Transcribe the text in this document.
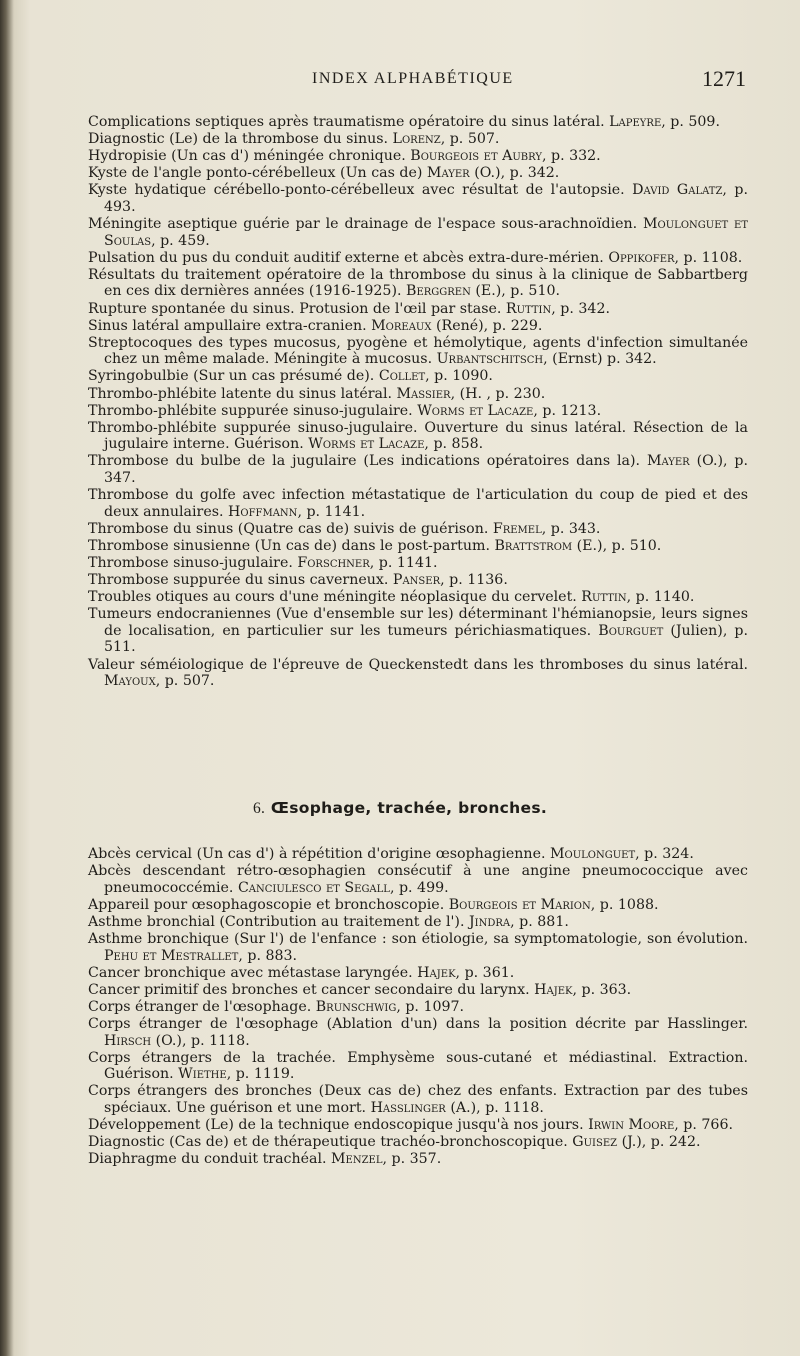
INDEX ALPHABÉTIQUE	1271

Complications septiques après traumatisme opératoire du sinus latéral. Lapeyre, p. 509.

Diagnostic (Le) de la thrombose du sinus. Lorenz, p. 507.

Hydropisie (Un cas d') méningée chronique. Bourgeois et Aubry, p. 332.

Kyste de l'angle ponto-cérébelleux (Un cas de) Mayer (O.), p. 342.

Kyste hydatique cérébello-ponto-cérébelleux avec résultat de l'autopsie. David Galatz, p. 493.

Méningite aseptique guérie par le drainage de l'espace sous-arachnoïdien. Moulonguet et Soulas, p. 459.

Pulsation du pus du conduit auditif externe et abcès extra-dure-mérien. Oppikofer, p. 1108.

Résultats du traitement opératoire de la thrombose du sinus à la clinique de Sabbartberg en ces dix dernières années (1916-1925). Berggren (E.), p. 510.

Rupture spontanée du sinus. Protusion de l'œil par stase. Ruttin, p. 342.

Sinus latéral ampullaire extra-cranien. Moreaux (René), p. 229.

Streptocoques des types mucosus, pyogène et hémolytique, agents d'infection simultanée chez un même malade. Méningite à mucosus. Urbantschitsch, (Ernst) p. 342.

Syringobulbie (Sur un cas présumé de). Collet, p. 1090.

Thrombo-phlébite latente du sinus latéral. Massier, (H. , p. 230.

Thrombo-phlébite suppurée sinuso-jugulaire. Worms et Lacaze, p. 1213.

Thrombo-phlébite suppurée sinuso-jugulaire. Ouverture du sinus latéral. Résection de la jugulaire interne. Guérison. Worms et Lacaze, p. 858.

Thrombose du bulbe de la jugulaire (Les indications opératoires dans la). Mayer (O.), p. 347.

Thrombose du golfe avec infection métastatique de l'articulation du coup de pied et des deux annulaires. Hoffmann, p. 1141.

Thrombose du sinus (Quatre cas de) suivis de guérison. Fremel, p. 343.

Thrombose sinusienne (Un cas de) dans le post-partum. Brattstrom (E.), p. 510.

Thrombose sinuso-jugulaire. Forschner, p. 1141.

Thrombose suppurée du sinus caverneux. Panser, p. 1136.

Troubles otiques au cours d'une méningite néoplasique du cervelet. Ruttin, p. 1140.

Tumeurs endocraniennes (Vue d'ensemble sur les) déterminant l'hémianopsie, leurs signes de localisation, en particulier sur les tumeurs périchiasmatiques. Bourguet (Julien), p. 511.

Valeur séméiologique de l'épreuve de Queckenstedt dans les thromboses du sinus latéral. Mayoux, p. 507.

6. Œsophage, trachée, bronches.

Abcès cervical (Un cas d') à répétition d'origine œsophagienne. Moulonguet, p. 324.

Abcès descendant rétro-œsophagien consécutif à une angine pneumococcique avec pneumococcémie. Canciulesco et Segall, p. 499.

Appareil pour œsophagoscopie et bronchoscopie. Bourgeois et Marion, p. 1088.

Asthme bronchial (Contribution au traitement de l'). Jindra, p. 881.

Asthme bronchique (Sur l') de l'enfance : son étiologie, sa symptomatologie, son évolution. Pehu et Mestrallet, p. 883.

Cancer bronchique avec métastase laryngée. Hajek, p. 361.

Cancer primitif des bronches et cancer secondaire du larynx. Hajek, p. 363.

Corps étranger de l'œsophage. Brunschwig, p. 1097.

Corps étranger de l'œsophage (Ablation d'un) dans la position décrite par Hasslinger. Hirsch (O.), p. 1118.

Corps étrangers de la trachée. Emphysème sous-cutané et médiastinal. Extraction. Guérison. Wiethe, p. 1119.

Corps étrangers des bronches (Deux cas de) chez des enfants. Extraction par des tubes spéciaux. Une guérison et une mort. Hasslinger (A.), p. 1118.

Développement (Le) de la technique endoscopique jusqu'à nos jours. Irwin Moore, p. 766.

Diagnostic (Cas de) et de thérapeutique trachéo-bronchoscopique. Guisez (J.), p. 242.

Diaphragme du conduit trachéal. Menzel, p. 357.
